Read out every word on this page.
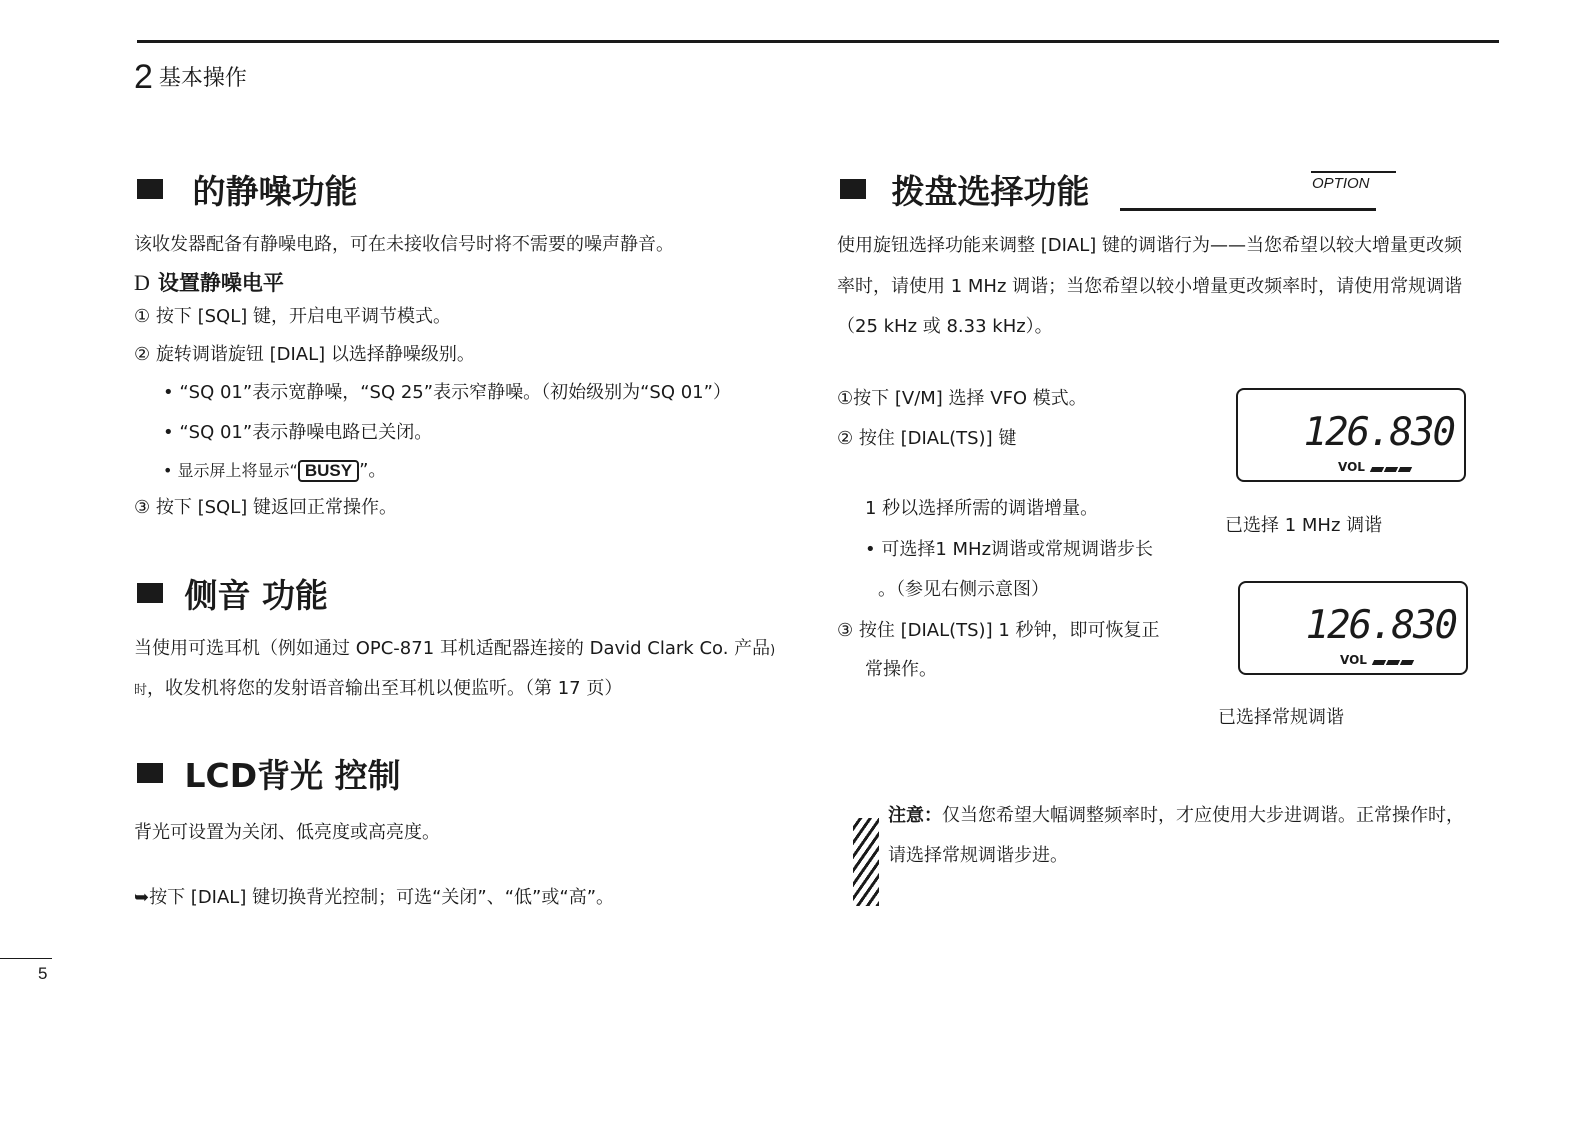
2 基本操作
的静噪功能
该收发器配备有静噪电路，可在未接收信号时将不需要的噪声静音。
D 设置静噪电平
① 按下 [SQL] 键，开启电平调节模式。
② 旋转调谐旋钮 [DIAL] 以选择静噪级别。
• “SQ 01”表示宽静噪，“SQ 25”表示窄静噪。（初始级别为“SQ 01”）
• “SQ 01”表示静噪电路已关闭。
• 显示屏上将显示“ BUSY ”。
③ 按下 [SQL] 键返回正常操作。
侧音 功能
当使用可选耳机（例如通过 OPC-871 耳机适配器连接的 David Clark Co. 产品)
时，收发机将您的发射语音输出至耳机以便监听。（第 17 页）
LCD背光 控制
背光可设置为关闭、低亮度或高亮度。
➥按下 [DIAL] 键切换背光控制；可选“关闭”、“低”或“高”。
拨盘选择功能	OPTION
使用旋钮选择功能来调整 [DIAL] 键的调谐行为——当您希望以较大增量更改频
率时，请使用 1 MHz 调谐；当您希望以较小增量更改频率时，请使用常规调谐
（25 kHz 或 8.33 kHz）。
①按下 [V/M] 选择 VFO 模式。
② 按住 [DIAL(TS)] 键
1 秒以选择所需的调谐增量。
• 可选择1 MHz调谐或常规调谐步长
。（参见右侧示意图）
③ 按住 [DIAL(TS)] 1 秒钟，即可恢复正
常操作。
126.830
VOL
已选择 1 MHz 调谐
126.830
VOL
已选择常规调谐
注意：仅当您希望大幅调整频率时，才应使用大步进调谐。正常操作时，
请选择常规调谐步进。
5
